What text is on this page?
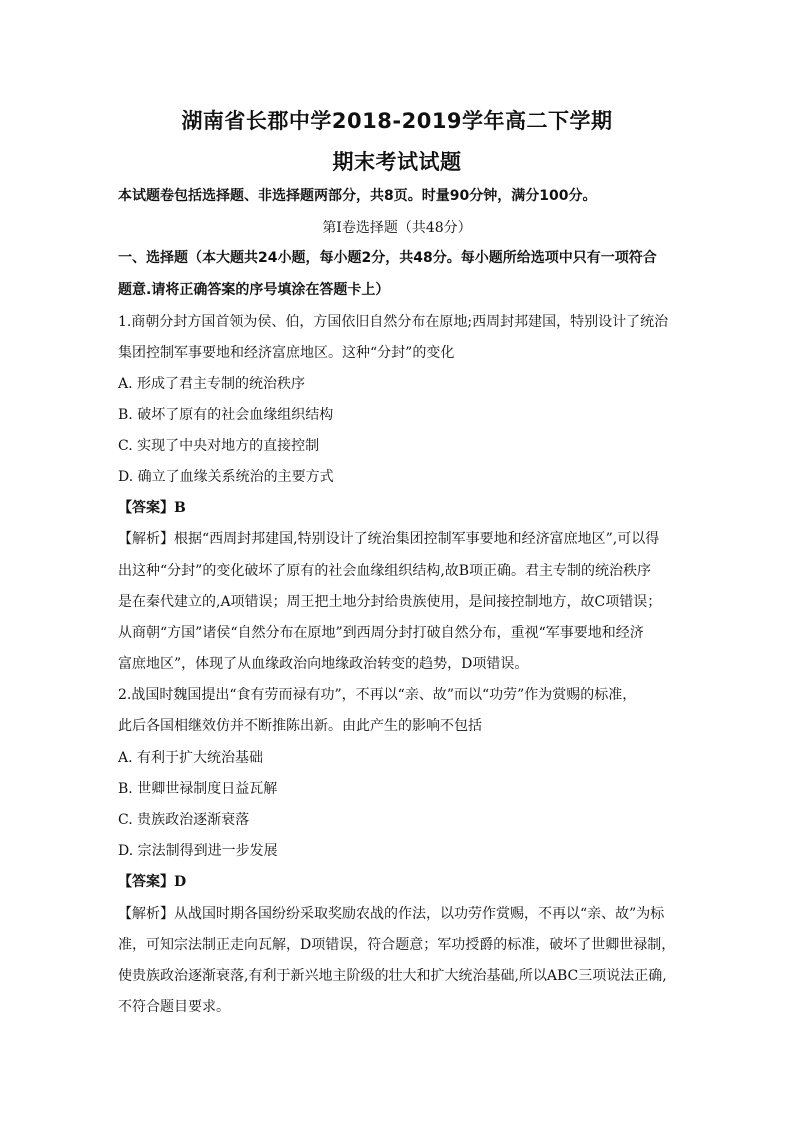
湖南省长郡中学2018-2019学年高二下学期
期末考试试题
本试题卷包括选择题、非选择题两部分，共8页。时量90分钟，满分100分。
第I卷选择题（共48分）
一、选择题（本大题共24小题，每小题2分，共48分。每小题所给选项中只有一项符合
题意.请将正确答案的序号填涂在答题卡上）
1.商朝分封方国首领为侯、伯，方国依旧自然分布在原地;西周封邦建国，特别设计了统治
集团控制军事要地和经济富庶地区。这种“分封”的变化
A. 形成了君主专制的统治秩序
B. 破坏了原有的社会血缘组织结构
C. 实现了中央对地方的直接控制
D. 确立了血缘关系统治的主要方式
【答案】B
【解析】根据“西周封邦建国,特别设计了统治集团控制军事要地和经济富庶地区”,可以得
出这种“分封”的变化破坏了原有的社会血缘组织结构,故B项正确。君主专制的统治秩序
是在秦代建立的,A项错误；周王把土地分封给贵族使用，是间接控制地方，故C项错误；
从商朝“方国”诸侯“自然分布在原地”到西周分封打破自然分布，重视“军事要地和经济
富庶地区”，体现了从血缘政治向地缘政治转变的趋势，D项错误。
2.战国时魏国提出“食有劳而禄有功”，不再以“亲、故”而以“功劳”作为赏赐的标准，
此后各国相继效仿并不断推陈出新。由此产生的影响不包括
A. 有利于扩大统治基础
B. 世卿世禄制度日益瓦解
C. 贵族政治逐渐衰落
D. 宗法制得到进一步发展
【答案】D
【解析】从战国时期各国纷纷采取奖励农战的作法，以功劳作赏赐，不再以“亲、故”为标
准，可知宗法制正走向瓦解，D项错误，符合题意；军功授爵的标准，破坏了世卿世禄制，
使贵族政治逐渐衰落,有利于新兴地主阶级的壮大和扩大统治基础,所以ABC三项说法正确,
不符合题目要求。
